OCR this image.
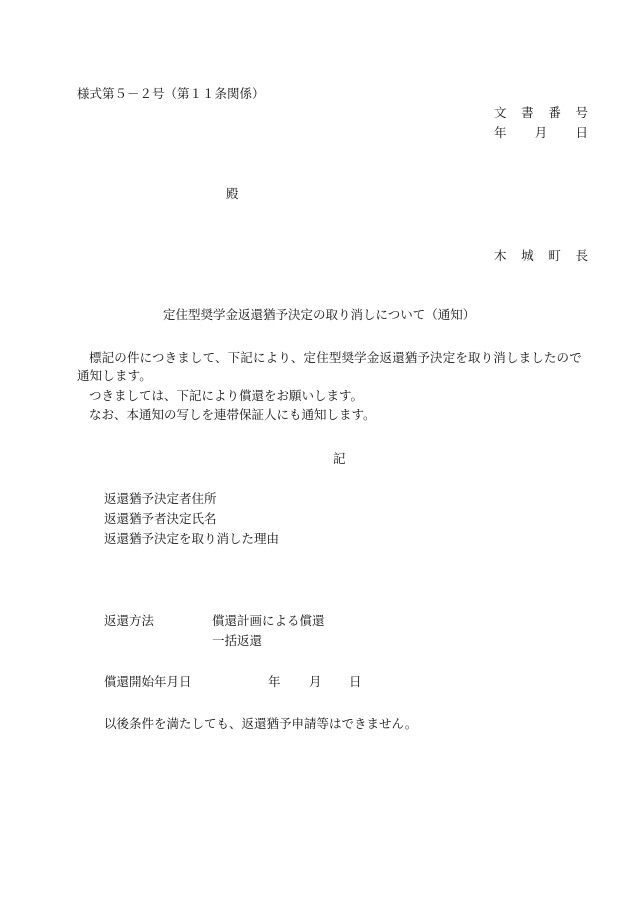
様式第５－２号（第１１条関係）
文 書 番 号
年 月 日
殿
木 城 町 長
定住型奨学金返還猶予決定の取り消しについて（通知）
標記の件につきまして、下記により、定住型奨学金返還猶予決定を取り消しましたので通知します。
つきましては、下記により償還をお願いします。
なお、本通知の写しを連帯保証人にも通知します。
記
返還猶予決定者住所
返還猶予者決定氏名
返還猶予決定を取り消した理由
返還方法	償還計画による償還
一括返還
償還開始年月日	年 月 日
以後条件を満たしても、返還猶予申請等はできません。
